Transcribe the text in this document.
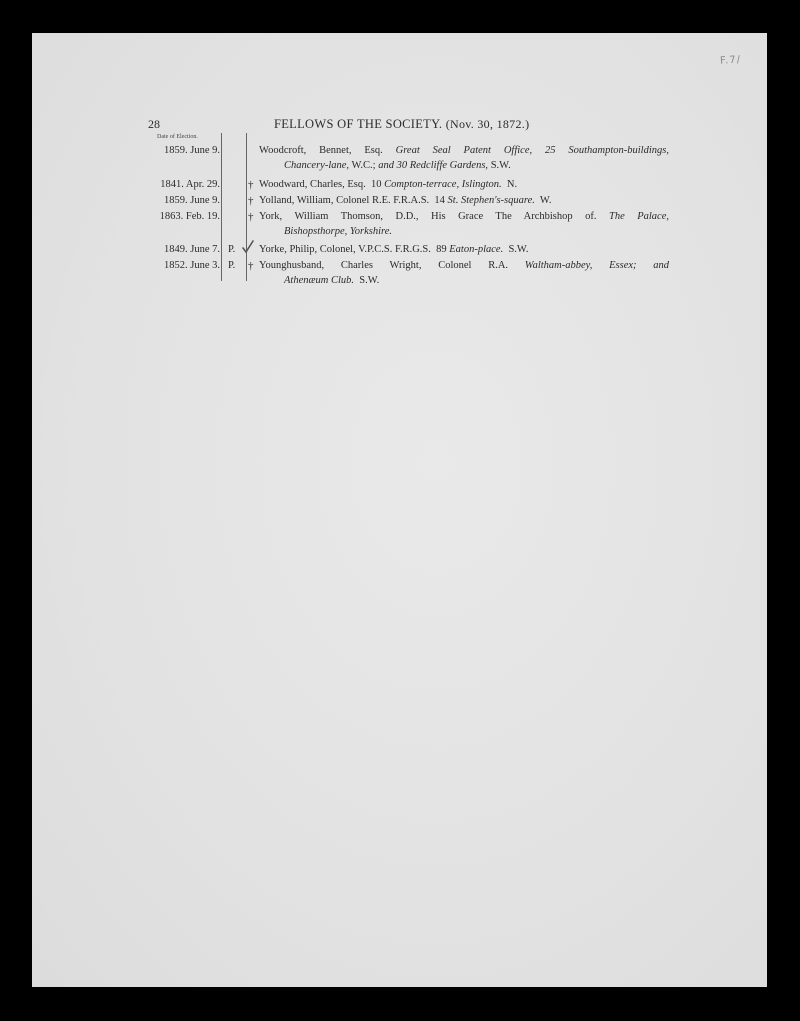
F.7/
28	FELLOWS OF THE SOCIETY. (Nov. 30, 1872.)
Date of Election.
1859. June 9.	Woodcroft, Bennet, Esq. Great Seal Patent Office, 25 Southampton-buildings,
Chancery-lane, W.C.; and 30 Redcliffe Gardens, S.W.
1841. Apr. 29.	† Woodward, Charles, Esq. 10 Compton-terrace, Islington. N.
1859. June 9.	† Yolland, William, Colonel R.E. F.R.A.S. 14 St. Stephen's-square. W.
1863. Feb. 19.	† York, William Thomson, D.D., His Grace The Archbishop of. The Palace,
Bishopsthorpe, Yorkshire.
1849. June 7. P. Yorke, Philip, Colonel, V.P.C.S. F.R.G.S. 89 Eaton-place. S.W.
1852. June 3. P. † Younghusband, Charles Wright, Colonel R.A. Waltham-abbey, Essex; and
Athenæum Club. S.W.
